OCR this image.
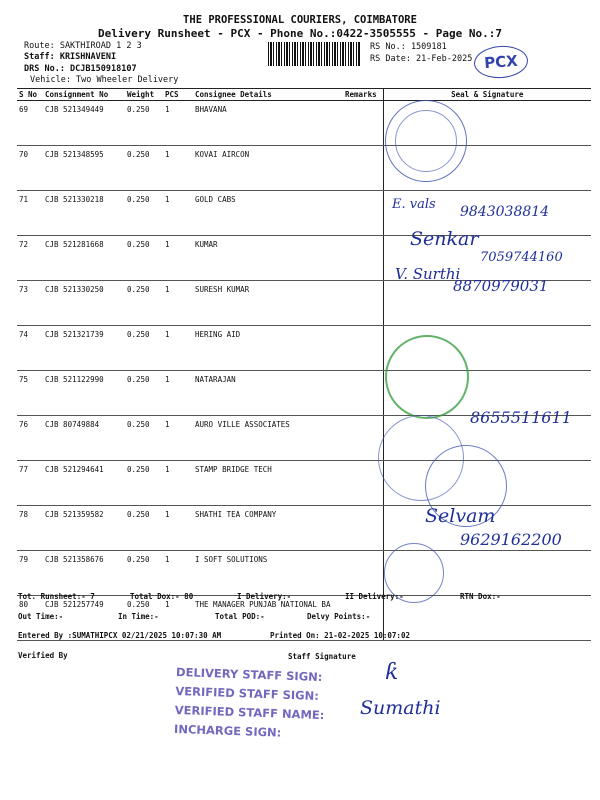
THE PROFESSIONAL COURIERS, COIMBATORE
Delivery Runsheet - PCX - Phone No.:0422-3505555 - Page No.:7
Route: SAKTHIROAD 1 2 3
Staff: KRISHNAVENI
DRS No.: DCJB150918107
Vehicle: Two Wheeler Delivery
RS No.: 1509181
RS Date: 21-Feb-2025 PCX
S No	Consignment No	Weight	PCS	Consignee Details	Remarks	Seal & Signature
69	CJB 521349449	0.250	1	BHAVANA		
70	CJB 521348595	0.250	1	KOVAI AIRCON		
71	CJB 521330218	0.250	1	GOLD CABS		
72	CJB 521281668	0.250	1	KUMAR		
73	CJB 521330250	0.250	1	SURESH KUMAR		
74	CJB 521321739	0.250	1	HERING AID		
75	CJB 521122990	0.250	1	NATARAJAN		
76	CJB 80749884	0.250	1	AURO VILLE ASSOCIATES		
77	CJB 521294641	0.250	1	STAMP BRIDGE TECH		
78	CJB 521359582	0.250	1	SHATHI TEA COMPANY		
79	CJB 521358676	0.250	1	I SOFT SOLUTIONS		
80	CJB 521257749	0.250	1	THE MANAGER PUNJAB NATIONAL BA		
E. vals 9843038814
Senkar
7059744160
V. Surthi
8870979031
8655511611
Selvam
9629162200
Tot. Runsheet:- 7	Total Dox:- 80	I Delivery:-	II Delivery:-	RTN Dox:-
Out Time:-	In Time:-	Total POD:-	Delvy Points:-
Entered By :SUMATHIPCX 02/21/2025 10:07:30 AM	Printed On: 21-02-2025 10:07:02
Verified By	Staff Signature
DELIVERY STAFF SIGN:
VERIFIED STAFF SIGN:
VERIFIED STAFF NAME:
INCHARGE SIGN:
ƙ
Sumathi
